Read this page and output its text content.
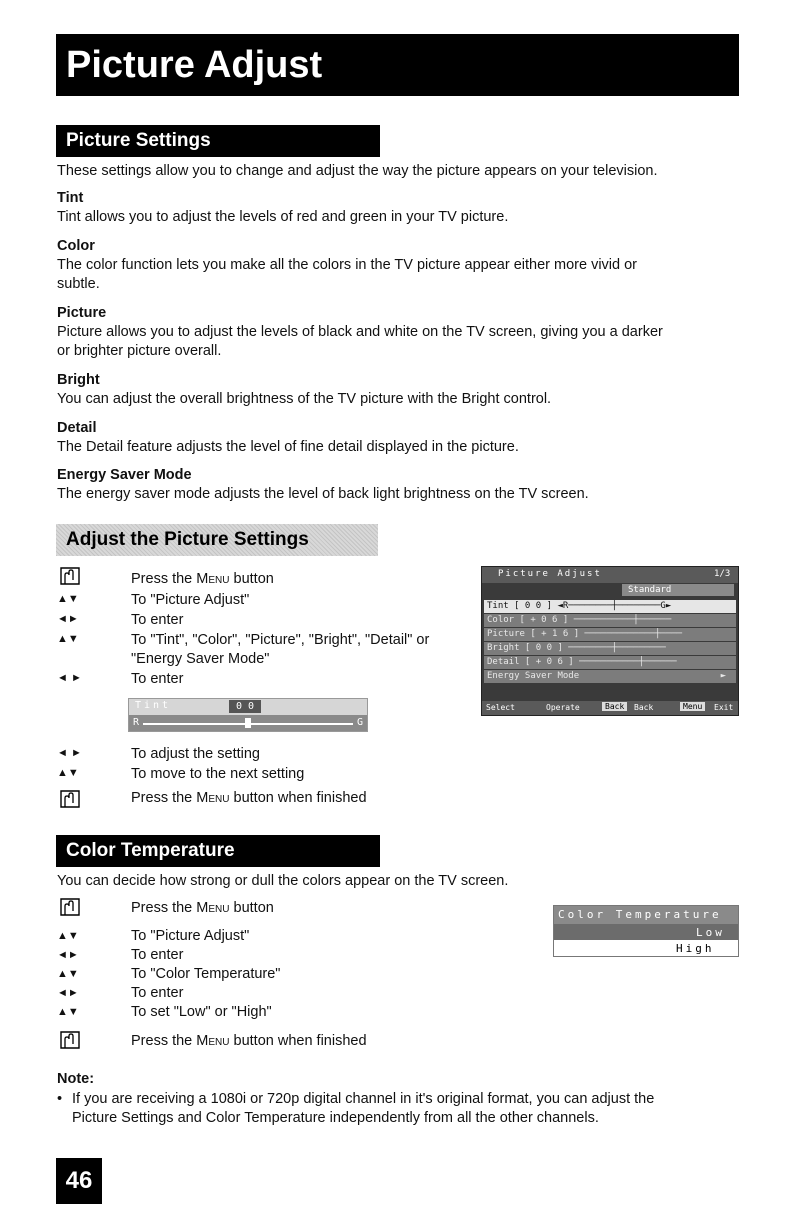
Picture Adjust
Picture Settings
These settings allow you to change and adjust the way the picture appears on your television.
Tint
Tint allows you to adjust the levels of red and green in your TV picture.
Color
The color function lets you make all the colors in the TV picture appear either more vivid or
subtle.
Picture
Picture allows you to adjust the levels of black and white on the TV screen, giving you a darker
or brighter picture overall.
Bright
You can adjust the overall brightness of the TV picture with the Bright control.
Detail
The Detail feature adjusts the level of fine detail displayed in the picture.
Energy Saver Mode
The energy saver mode adjusts the level of back light brightness on the TV screen.
Adjust the Picture Settings
Press the Menu button
▲▼	To "Picture Adjust"
◄►	To enter
▲▼	To "Tint", "Color", "Picture", "Bright", "Detail" or
"Energy Saver Mode"
◄ ►	To enter
Tint	0 0
R	G
Picture Adjust	1/3
Standard
Tint [ 0 0 ] ◄R────────┼────────G►
Color [ + 0 6 ] ───────────┼──────
Picture [ + 1 6 ] ─────────────┼────
Bright [ 0 0 ] ────────┼─────────
Detail [ + 0 6 ] ───────────┼──────
Energy Saver Mode	►
Select	Operate	Back	Back	Menu	Exit
◄ ►	To adjust the setting
▲▼	To move to the next setting
Press the Menu button when finished
Color Temperature
You can decide how strong or dull the colors appear on the TV screen.
Press the Menu button
▲▼	To "Picture Adjust"
◄►	To enter
▲▼	To "Color Temperature"
◄►	To enter
▲▼	To set "Low" or "High"
Press the Menu button when finished
Color Temperature
Low
High
Note:
• If you are receiving a 1080i or 720p digital channel in it's original format, you can adjust the
Picture Settings and Color Temperature independently from all the other channels.
46
